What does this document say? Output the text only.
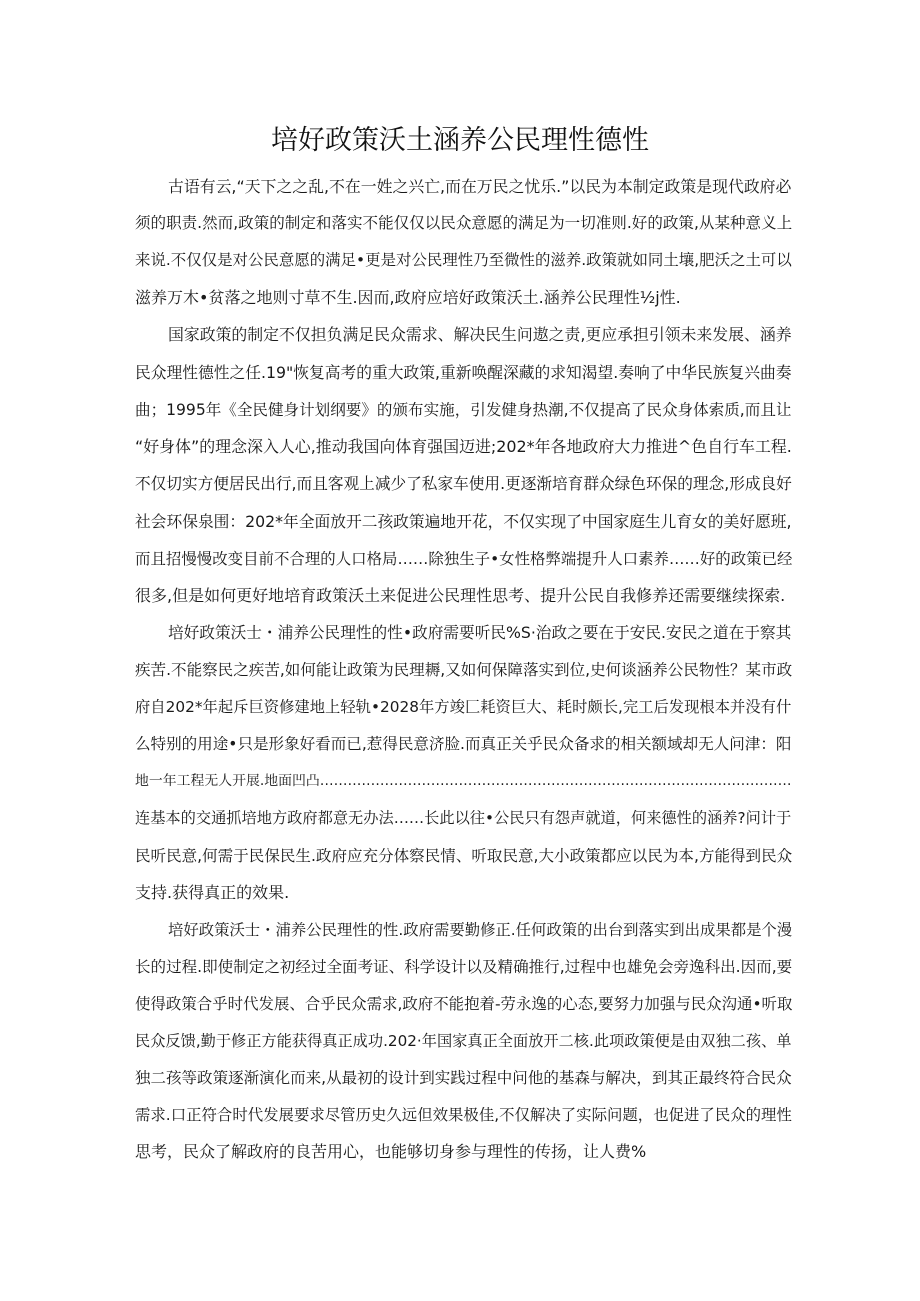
培好政策沃土涵养公民理性德性
古语有云,“天下之之乱,不在一姓之兴亡,而在万民之忧乐.”以民为本制定政策是现代政府必
须的职责.然而,政策的制定和落实不能仅仅以民众意愿的满足为一切准则.好的政策,从某种意义上
来说.不仅仅是对公民意愿的满足•更是对公民理性乃至微性的滋养.政策就如同土壤,肥沃之土可以
滋养万木•贫落之地则寸草不生.因而,政府应培好政策沃土.涵养公民理性½j性.
国家政策的制定不仅担负满足民众需求、解决民生问遨之责,更应承担引领未来发展、涵养
民众理性德性之任.19"恢复高考的重大政策,重新唤醒深藏的求知渴望.奏响了中华民族复兴曲奏
曲；1995年《全民健身计划纲要》的颁布实施，引发健身热潮,不仅提高了民众身体索质,而且让
“好身体”的理念深入人心,推动我国向体育强国迈进;202*年各地政府大力推进^色自行车工程.
不仅切实方便居民出行,而且客观上减少了私家车使用.更逐渐培育群众绿色环保的理念,形成良好
社会环保泉围：202*年全面放开二孩政策遍地开花，不仅实现了中国家庭生儿育女的美好愿班,
而且招慢慢改变目前不合理的人口格局……除独生子•女性格弊端提升人口素养……好的政策已经
很多,但是如何更好地培育政策沃土来促进公民理性思考、提升公民自我修养还需要继续探索.
培好政策沃士・浦养公民理性的性•政府需要听民%S·治政之要在于安民.安民之道在于察其
疾苦.不能察民之疾苦,如何能让政策为民理耨,又如何保障落实到位,史何谈涵养公民物性？某市政
府自202*年起斥巨资修建地上轻轨•2028年方竣匚耗资巨大、耗时颇长,完工后发现根本并没有什
么特别的用途•只是形象好看而已,惹得民意济脸.而真正关乎民众备求的相关额域却无人问津：阳
地一年工程无人开展.地面凹凸…………………………………………………………………………………………
连基本的交通抓培地方政府都意无办法……长此以往•公民只有怨声就道，何来德性的涵养?问计于
民听民意,何需于民保民生.政府应充分体察民情、听取民意,大小政策都应以民为本,方能得到民众
支持.获得真正的效果.
培好政策沃士・浦养公民理性的性.政府需要勤修正.任何政策的出台到落实到出成果都是个漫
长的过程.即使制定之初经过全面考证、科学设计以及精确推行,过程中也雄免会旁逸科出.因而,要
使得政策合乎时代发展、合乎民众需求,政府不能抱着-劳永逸的心态,要努力加强与民众沟通•听取
民众反馈,勤于修正方能获得真正成功.202·年国家真正全面放开二核.此项政策便是由双独二孩、单
独二孩等政策逐渐演化而来,从最初的设计到实践过程中问他的基森与解决，到其正最终符合民众
需求.口正符合时代发展要求尽管历史久远但效果极佳,不仅解决了实际问题，也促进了民众的理性
思考，民众了解政府的良苦用心，也能够切身参与理性的传扬，让人费%
